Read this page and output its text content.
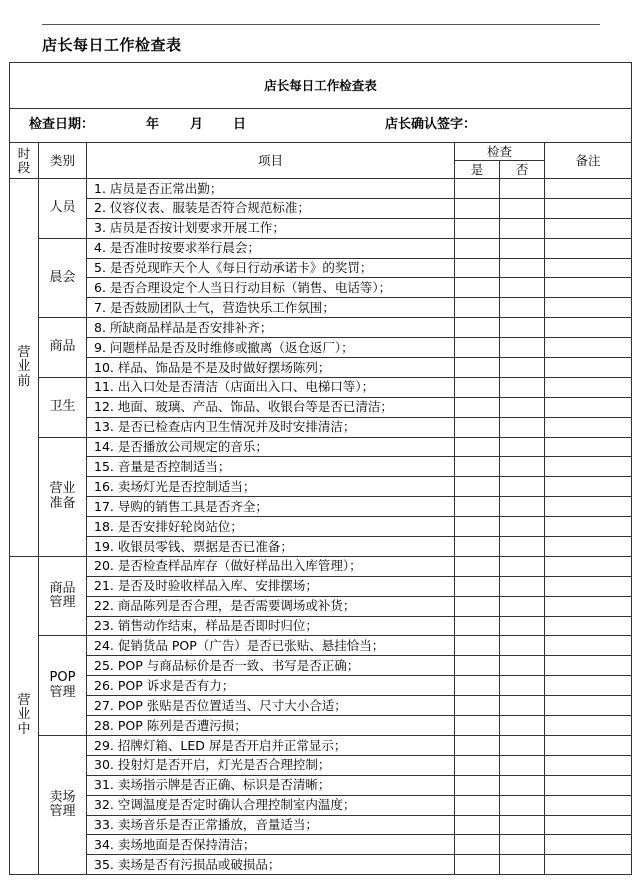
店长每日工作检查表
店长每日工作检查表					

检查日期： 年 月 日 店长确认签字：					

时
段	类别	项目	检查		备注
			是	否	

营
业
前	人员	1. 店员是否正常出勤；			
		2. 仪容仪表、服装是否符合规范标准；			
		3. 店员是否按计划要求开展工作；			
	晨会	4. 是否准时按要求举行晨会；			
		5. 是否兑现昨天个人《每日行动承诺卡》的奖罚；			
		6. 是否合理设定个人当日行动目标（销售、电话等）；			
		7. 是否鼓励团队士气，营造快乐工作氛围；			
	商品	8. 所缺商品样品是否安排补齐；			
		9. 问题样品是否及时维修或撤离（返仓返厂）；			
		10. 样品、饰品是不是及时做好摆场陈列；			
	卫生	11. 出入口处是否清洁（店面出入口、电梯口等）；			
		12. 地面、玻璃、产品、饰品、收银台等是否已清洁；			
		13. 是否已检查店内卫生情况并及时安排清洁；			
	营业
准备	14. 是否播放公司规定的音乐；			
		15. 音量是否控制适当；			
		16. 卖场灯光是否控制适当；			
		17. 导购的销售工具是否齐全；			
		18. 是否安排好轮岗站位；			
		19. 收银员零钱、票据是否已准备；			

营
业
中	商品
管理	20. 是否检查样品库存（做好样品出入库管理）；			
		21. 是否及时验收样品入库、安排摆场；			
		22. 商品陈列是否合理，是否需要调场或补货；			
		23. 销售动作结束，样品是否即时归位；			
	POP
管理	24. 促销货品 POP（广告）是否已张贴、悬挂恰当；			
		25. POP 与商品标价是否一致、书写是否正确；			
		26. POP 诉求是否有力；			
		27. POP 张贴是否位置适当、尺寸大小合适；			
		28. POP 陈列是否遭污损；			
	卖场
管理	29. 招牌灯箱、LED 屏是否开启并正常显示；			
		30. 投射灯是否开启，灯光是否合理控制；			
		31. 卖场指示牌是否正确、标识是否清晰；			
		32. 空调温度是否定时确认合理控制室内温度；			
		33. 卖场音乐是否正常播放，音量适当；			
		34. 卖场地面是否保持清洁；			
		35. 卖场是否有污损品或破损品；			
